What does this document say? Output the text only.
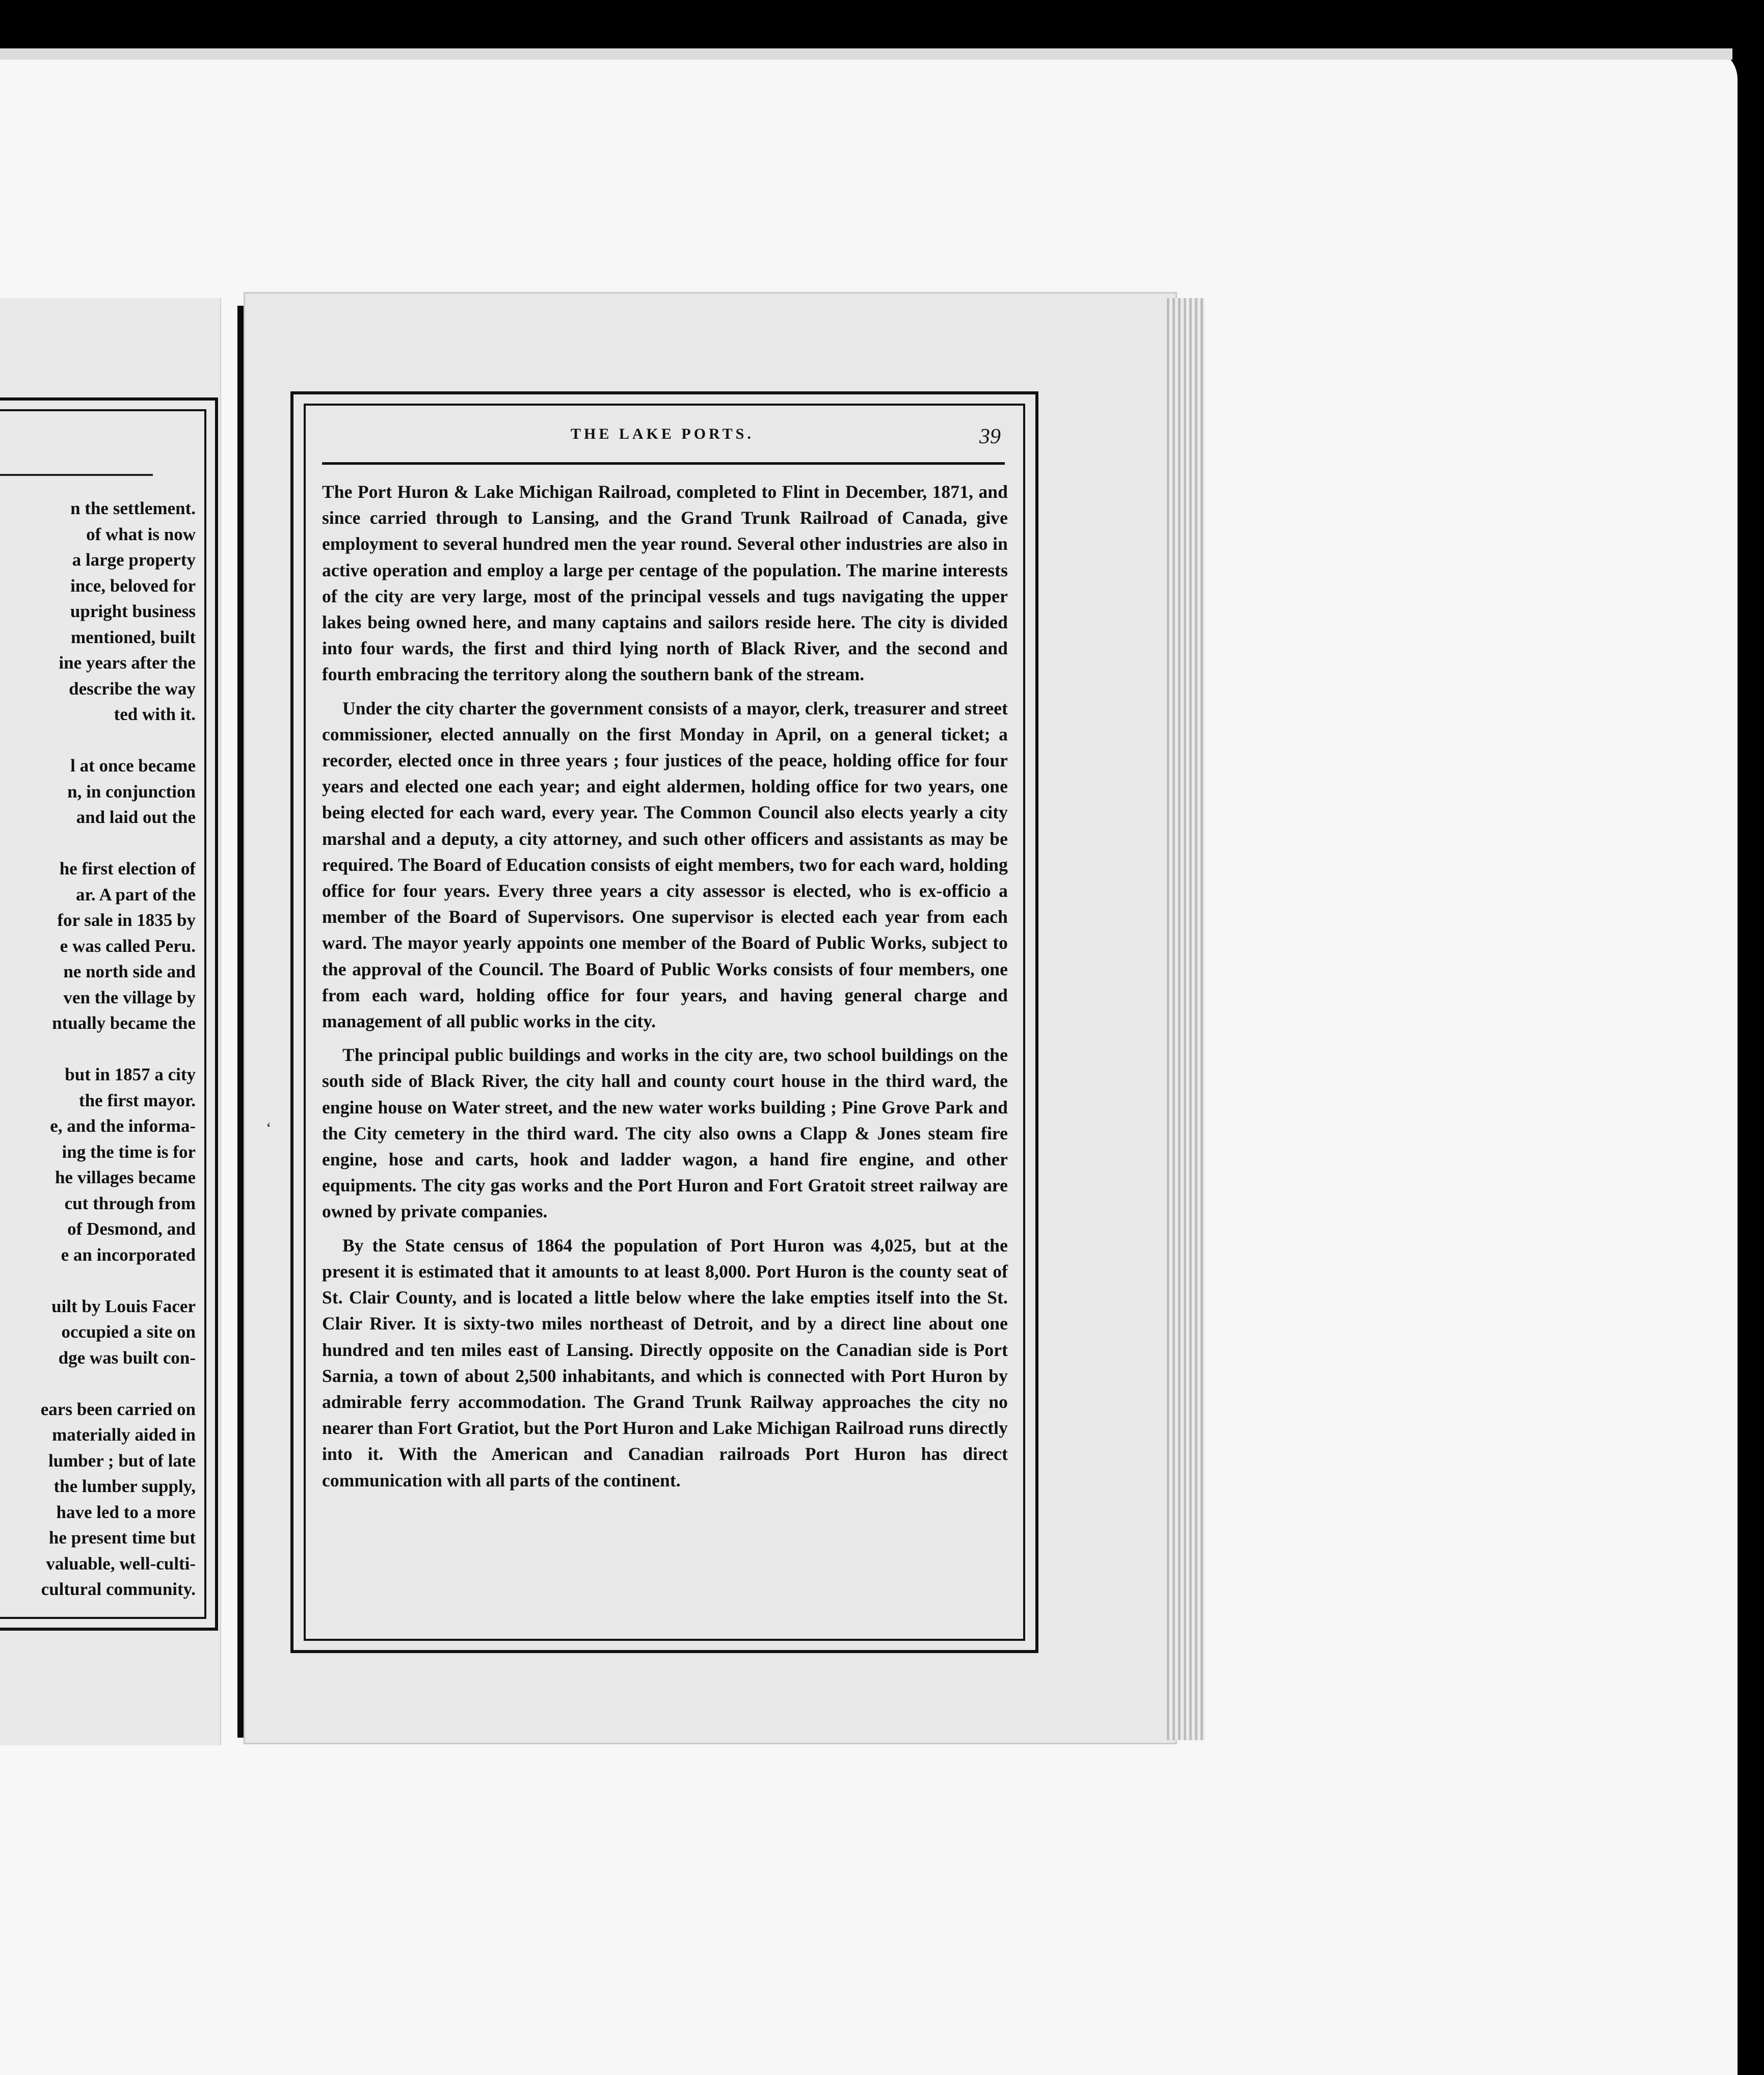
n the settlement.
of what is now
a large property
ince, beloved for
upright business
mentioned, built
ine years after the
describe the way
ted with it.

l at once became
n, in conjunction
and laid out the

he first election of
ar. A part of the
for sale in 1835 by
e was called Peru.
ne north side and
ven the village by
ntually became the

but in 1857 a city
the first mayor.
e, and the informa-
ing the time is for
he villages became
cut through from
of Desmond, and
e an incorporated

uilt by Louis Facer
occupied a site on
dge was built con-

ears been carried on
materially aided in
lumber ; but of late
the lumber supply,
have led to a more
he present time but
valuable, well-culti-
cultural community.
THE LAKE PORTS.	39

The Port Huron & Lake Michigan Railroad, completed to Flint in December, 1871, and since carried through to Lansing, and the Grand Trunk Railroad of Canada, give employment to several hundred men the year round. Several other industries are also in active operation and employ a large per centage of the population. The marine interests of the city are very large, most of the principal vessels and tugs navigating the upper lakes being owned here, and many captains and sailors reside here. The city is divided into four wards, the first and third lying north of Black River, and the second and fourth embracing the territory along the southern bank of the stream.

Under the city charter the government consists of a mayor, clerk, treasurer and street commissioner, elected annually on the first Monday in April, on a general ticket; a recorder, elected once in three years ; four justices of the peace, holding office for four years and elected one each year; and eight aldermen, holding office for two years, one being elected for each ward, every year. The Common Council also elects yearly a city marshal and a deputy, a city attorney, and such other officers and assistants as may be required. The Board of Education consists of eight members, two for each ward, holding office for four years. Every three years a city assessor is elected, who is ex-officio a member of the Board of Supervisors. One supervisor is elected each year from each ward. The mayor yearly appoints one member of the Board of Public Works, subject to the approval of the Council. The Board of Public Works consists of four members, one from each ward, holding office for four years, and having general charge and management of all public works in the city.

The principal public buildings and works in the city are, two school buildings on the south side of Black River, the city hall and county court house in the third ward, the engine house on Water street, and the new water works building ; Pine Grove Park and the City cemetery in the third ward. The city also owns a Clapp & Jones steam fire engine, hose and carts, hook and ladder wagon, a hand fire engine, and other equipments. The city gas works and the Port Huron and Fort Gratoit street railway are owned by private companies.

By the State census of 1864 the population of Port Huron was 4,025, but at the present it is estimated that it amounts to at least 8,000. Port Huron is the county seat of St. Clair County, and is located a little below where the lake empties itself into the St. Clair River. It is sixty-two miles northeast of Detroit, and by a direct line about one hundred and ten miles east of Lansing. Directly opposite on the Canadian side is Port Sarnia, a town of about 2,500 inhabitants, and which is connected with Port Huron by admirable ferry accommodation. The Grand Trunk Railway approaches the city no nearer than Fort Gratiot, but the Port Huron and Lake Michigan Railroad runs directly into it. With the American and Canadian railroads Port Huron has direct communication with all parts of the continent.

‘
